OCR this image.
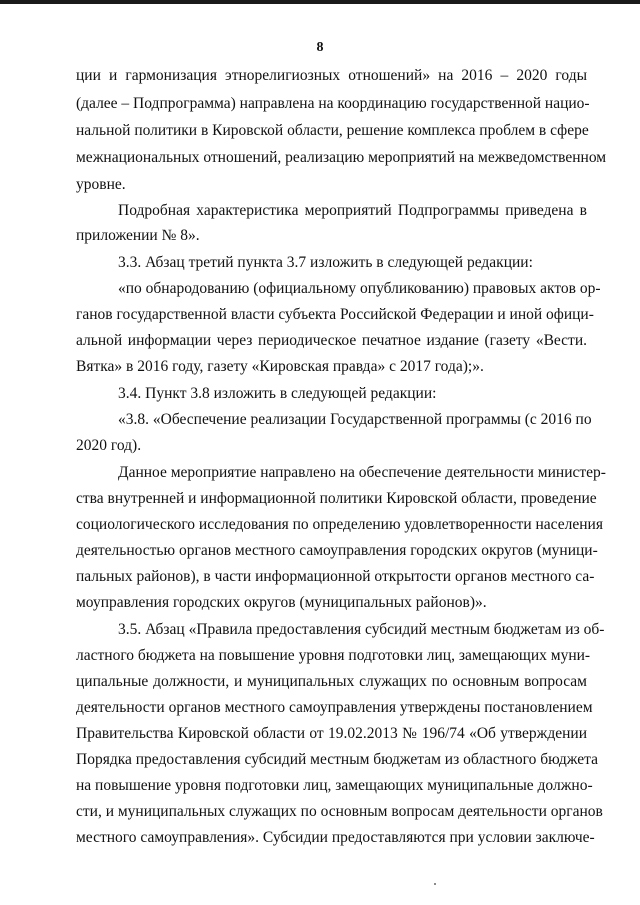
8
ции и гармонизация этнорелигиозных отношений» на 2016 – 2020 годы
(далее – Подпрограмма) направлена на координацию государственной нацио-
нальной политики в Кировской области, решение комплекса проблем в сфере
межнациональных отношений, реализацию мероприятий на межведомственном
уровне.
Подробная характеристика мероприятий Подпрограммы приведена в
приложении № 8».
3.3. Абзац третий пункта 3.7 изложить в следующей редакции:
«по обнародованию (официальному опубликованию) правовых актов ор-
ганов государственной власти субъекта Российской Федерации и иной офици-
альной информации через периодическое печатное издание (газету «Вести.
Вятка» в 2016 году, газету «Кировская правда» с 2017 года);».
3.4. Пункт 3.8 изложить в следующей редакции:
«3.8. «Обеспечение реализации Государственной программы (с 2016 по
2020 год).
Данное мероприятие направлено на обеспечение деятельности министер-
ства внутренней и информационной политики Кировской области, проведение
социологического исследования по определению удовлетворенности населения
деятельностью органов местного самоуправления городских округов (муници-
пальных районов), в части информационной открытости органов местного са-
моуправления городских округов (муниципальных районов)».
3.5. Абзац «Правила предоставления субсидий местным бюджетам из об-
ластного бюджета на повышение уровня подготовки лиц, замещающих муни-
ципальные должности, и муниципальных служащих по основным вопросам
деятельности органов местного самоуправления утверждены постановлением
Правительства Кировской области от 19.02.2013 № 196/74 «Об утверждении
Порядка предоставления субсидий местным бюджетам из областного бюджета
на повышение уровня подготовки лиц, замещающих муниципальные должно-
сти, и муниципальных служащих по основным вопросам деятельности органов
местного самоуправления». Субсидии предоставляются при условии заключе-
